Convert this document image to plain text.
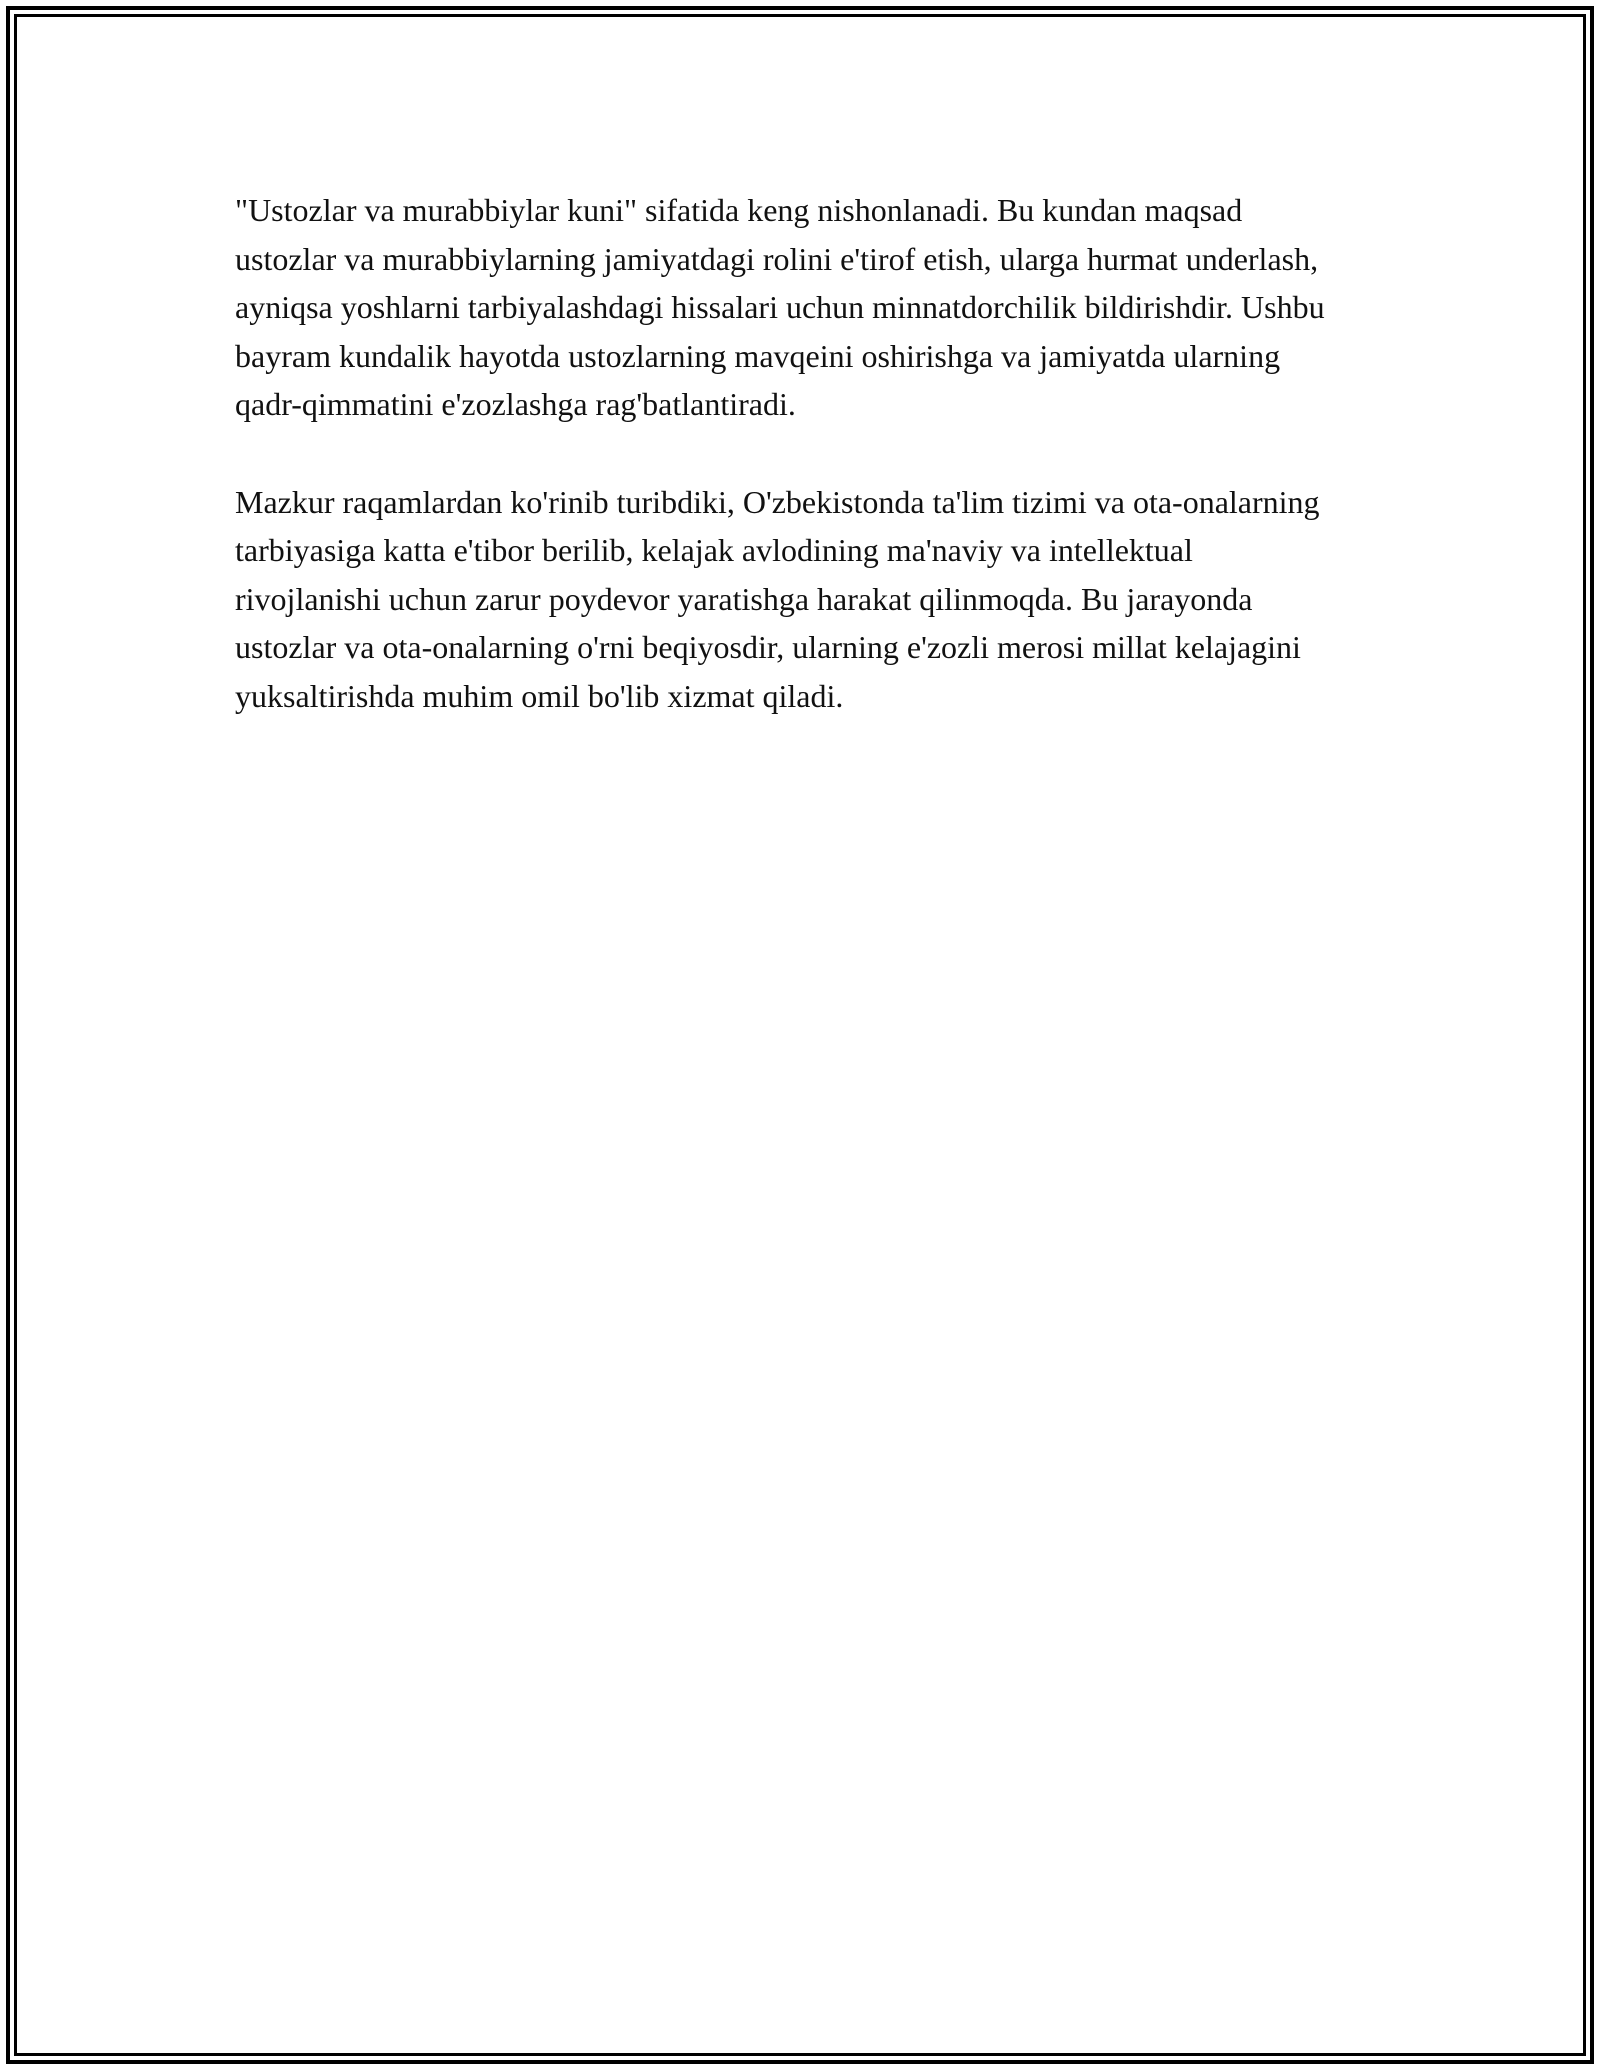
"Ustozlar va murabbiylar kuni" sifatida keng nishonlanadi. Bu kundan maqsad ustozlar va murabbiylarning jamiyatdagi rolini e'tirof etish, ularga hurmat underlash, ayniqsa yoshlarni tarbiyalashdagi hissalari uchun minnatdorchilik bildirishdir. Ushbu bayram kundalik hayotda ustozlarning mavqeini oshirishga va jamiyatda ularning qadr-qimmatini e'zozlashga rag'batlantiradi.

Mazkur raqamlardan ko'rinib turibdiki, O'zbekistonda ta'lim tizimi va ota-onalarning tarbiyasiga katta e'tibor berilib, kelajak avlodining ma'naviy va intellektual rivojlanishi uchun zarur poydevor yaratishga harakat qilinmoqda. Bu jarayonda ustozlar va ota-onalarning o'rni beqiyosdir, ularning e'zozli merosi millat kelajagini yuksaltirishda muhim omil bo'lib xizmat qiladi.
